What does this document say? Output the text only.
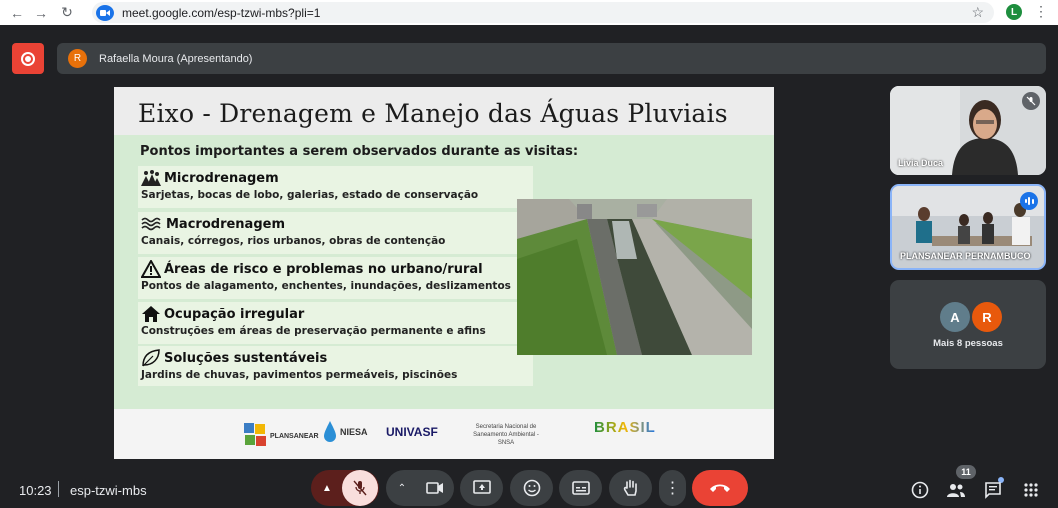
← → ↻	meet.google.com/esp-tzwi-mbs?pli=1	☆	L	⋮
R	Rafaella Moura (Apresentando)
Eixo - Drenagem e Manejo das Águas Pluviais
Pontos importantes a serem observados durante as visitas:
Microdrenagem
Sarjetas, bocas de lobo, galerias, estado de conservação
Macrodrenagem
Canais, córregos, rios urbanos, obras de contenção
Áreas de risco e problemas no urbano/rural
Pontos de alagamento, enchentes, inundações, deslizamentos
Ocupação irregular
Construções em áreas de preservação permanente e afins
Soluções sustentáveis
Jardins de chuvas, pavimentos permeáveis, piscinões
PLANSANEAR NIESA UNIVASF	Secretaria Nacional de
Saneamento Ambiental - SNSA
BRASIL
Livia Duca
PLANSANEAR PERNAMBUCO
A	R
Mais 8 pessoas
10:23 esp-tzwi-mbs	▲	⌃	⋮
11
